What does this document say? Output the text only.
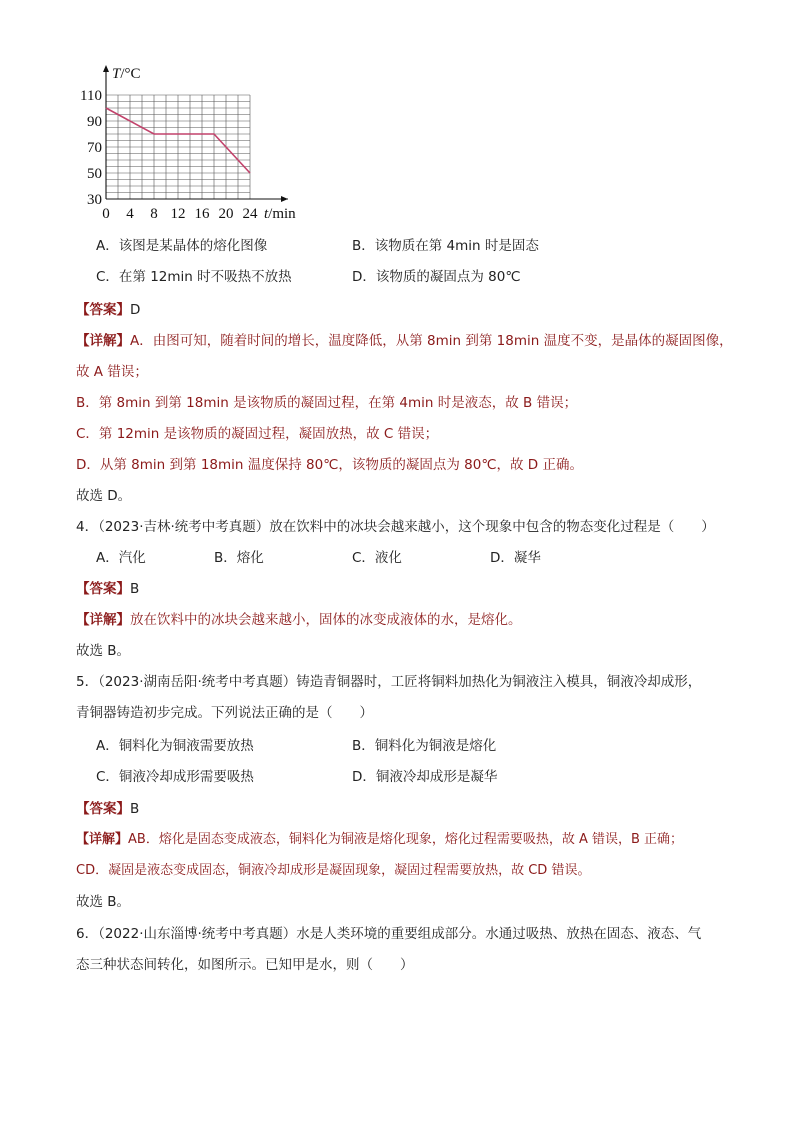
30
50
70
90
110
0 4 8 12 16 20 24
T/°C
t/min
A．该图是某晶体的熔化图像	B．该物质在第 4min 时是固态
C．在第 12min 时不吸热不放热	D．该物质的凝固点为 80℃
【答案】D
【详解】A．由图可知，随着时间的增长，温度降低，从第 8min 到第 18min 温度不变，是晶体的凝固图像，
故 A 错误；
B．第 8min 到第 18min 是该物质的凝固过程，在第 4min 时是液态，故 B 错误；
C．第 12min 是该物质的凝固过程，凝固放热，故 C 错误；
D．从第 8min 到第 18min 温度保持 80℃，该物质的凝固点为 80℃，故 D 正确。
故选 D。
4．（2023·吉林·统考中考真题）放在饮料中的冰块会越来越小，这个现象中包含的物态变化过程是（　　）
A．汽化	B．熔化	C．液化	D．凝华
【答案】B
【详解】放在饮料中的冰块会越来越小，固体的冰变成液体的水，是熔化。
故选 B。
5．（2023·湖南岳阳·统考中考真题）铸造青铜器时，工匠将铜料加热化为铜液注入模具，铜液冷却成形，
青铜器铸造初步完成。下列说法正确的是（　　）
A．铜料化为铜液需要放热	B．铜料化为铜液是熔化
C．铜液冷却成形需要吸热	D．铜液冷却成形是凝华
【答案】B
【详解】AB．熔化是固态变成液态，铜料化为铜液是熔化现象，熔化过程需要吸热，故 A 错误，B 正确；
CD．凝固是液态变成固态，铜液冷却成形是凝固现象，凝固过程需要放热，故 CD 错误。
故选 B。
6．（2022·山东淄博·统考中考真题）水是人类环境的重要组成部分。水通过吸热、放热在固态、液态、气
态三种状态间转化，如图所示。已知甲是水，则（　　）
